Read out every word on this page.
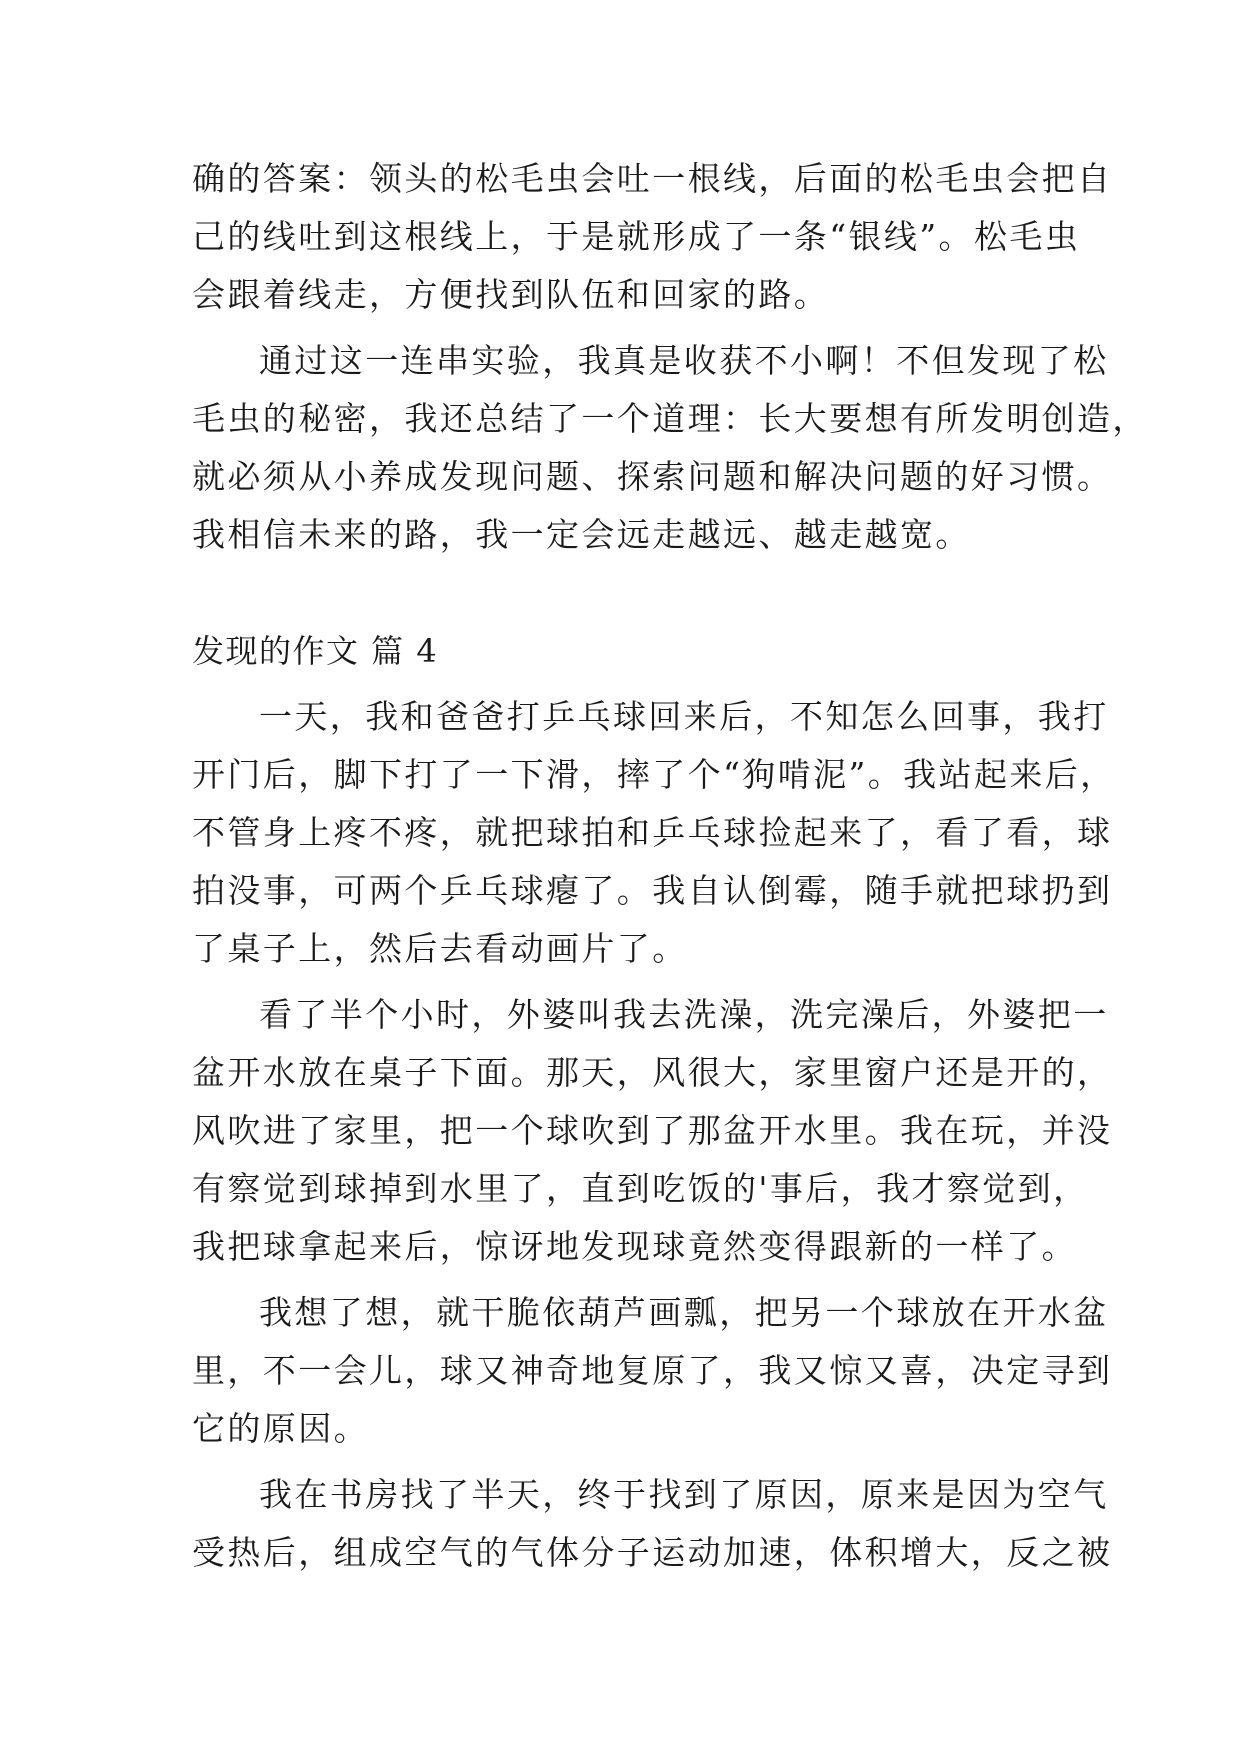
确的答案：领头的松毛虫会吐一根线，后面的松毛虫会把自
己的线吐到这根线上，于是就形成了一条“银线”。松毛虫
会跟着线走，方便找到队伍和回家的路。
通过这一连串实验，我真是收获不小啊！不但发现了松
毛虫的秘密，我还总结了一个道理：长大要想有所发明创造，
就必须从小养成发现问题、探索问题和解决问题的好习惯。
我相信未来的路，我一定会远走越远、越走越宽。
发现的作文 篇 4
一天，我和爸爸打乒乓球回来后，不知怎么回事，我打
开门后，脚下打了一下滑，摔了个“狗啃泥”。我站起来后，
不管身上疼不疼，就把球拍和乒乓球捡起来了，看了看，球
拍没事，可两个乒乓球瘪了。我自认倒霉，随手就把球扔到
了桌子上，然后去看动画片了。
看了半个小时，外婆叫我去洗澡，洗完澡后，外婆把一
盆开水放在桌子下面。那天，风很大，家里窗户还是开的，
风吹进了家里，把一个球吹到了那盆开水里。我在玩，并没
有察觉到球掉到水里了，直到吃饭的'事后，我才察觉到，
我把球拿起来后，惊讶地发现球竟然变得跟新的一样了。
我想了想，就干脆依葫芦画瓢，把另一个球放在开水盆
里，不一会儿，球又神奇地复原了，我又惊又喜，决定寻到
它的原因。
我在书房找了半天，终于找到了原因，原来是因为空气
受热后，组成空气的气体分子运动加速，体积增大，反之被
